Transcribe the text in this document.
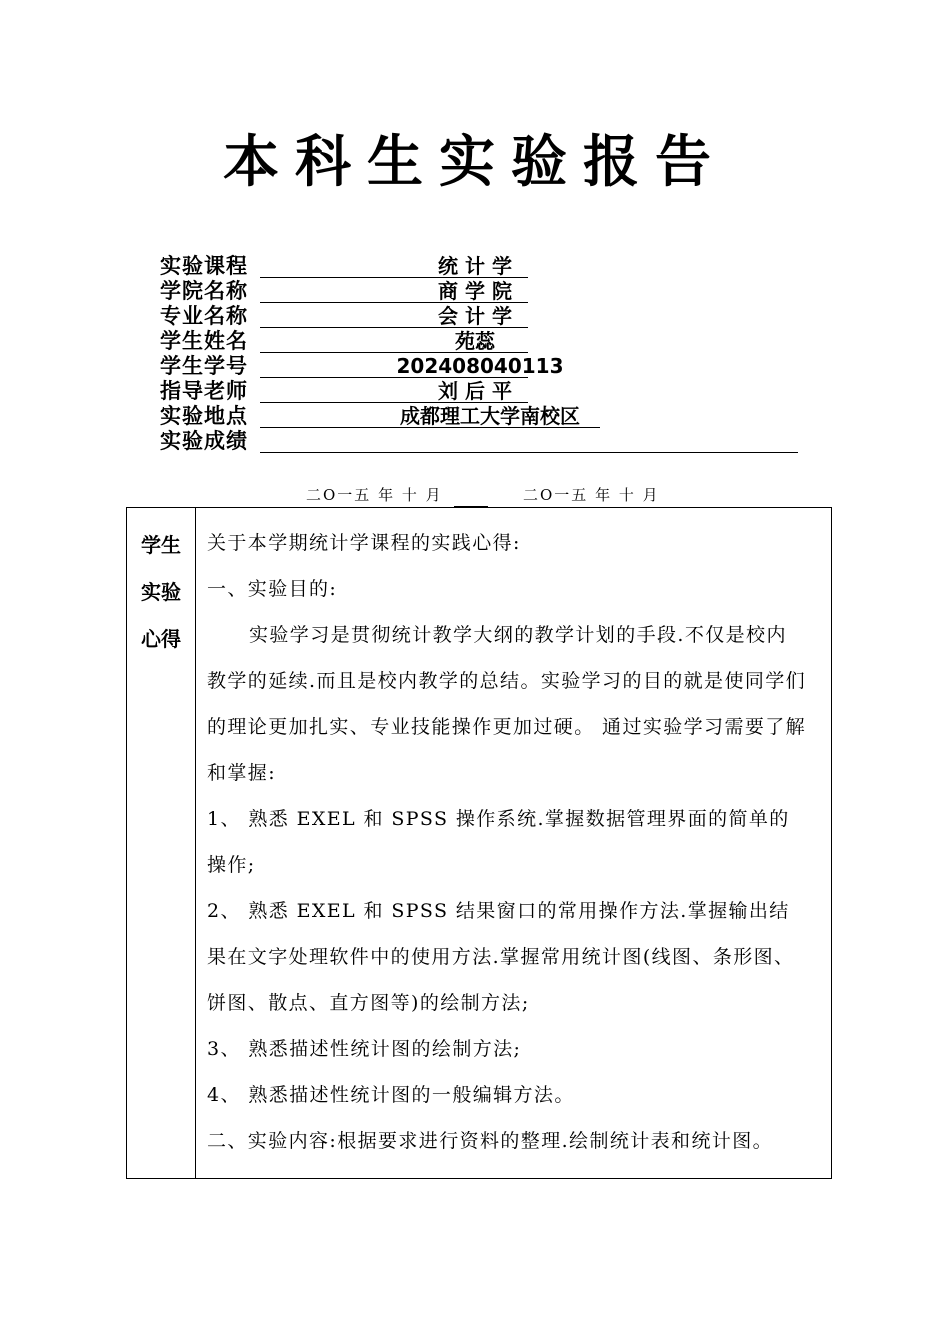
本科生实验报告
实验课程	统 计 学
学院名称	商 学 院
专业名称	会 计 学
学生姓名	苑蕊
学生学号	202408040113
指导老师	刘 后 平
实验地点	成都理工大学南校区
实验成绩
二O一五 年 十 月	二O一五 年 十 月
学生
实验
心得

关于本学期统计学课程的实践心得:

一、实验目的:

实验学习是贯彻统计教学大纲的教学计划的手段.不仅是校内教学的延续.而且是校内教学的总结。实验学习的目的就是使同学们的理论更加扎实、专业技能操作更加过硬。 通过实验学习需要了解和掌握:

1、 熟悉 EXEL 和 SPSS 操作系统.掌握数据管理界面的简单的操作;

2、 熟悉 EXEL 和 SPSS 结果窗口的常用操作方法.掌握输出结果在文字处理软件中的使用方法.掌握常用统计图(线图、条形图、饼图、散点、直方图等)的绘制方法;

3、 熟悉描述性统计图的绘制方法;

4、 熟悉描述性统计图的一般编辑方法。

二、实验内容:根据要求进行资料的整理.绘制统计表和统计图。
